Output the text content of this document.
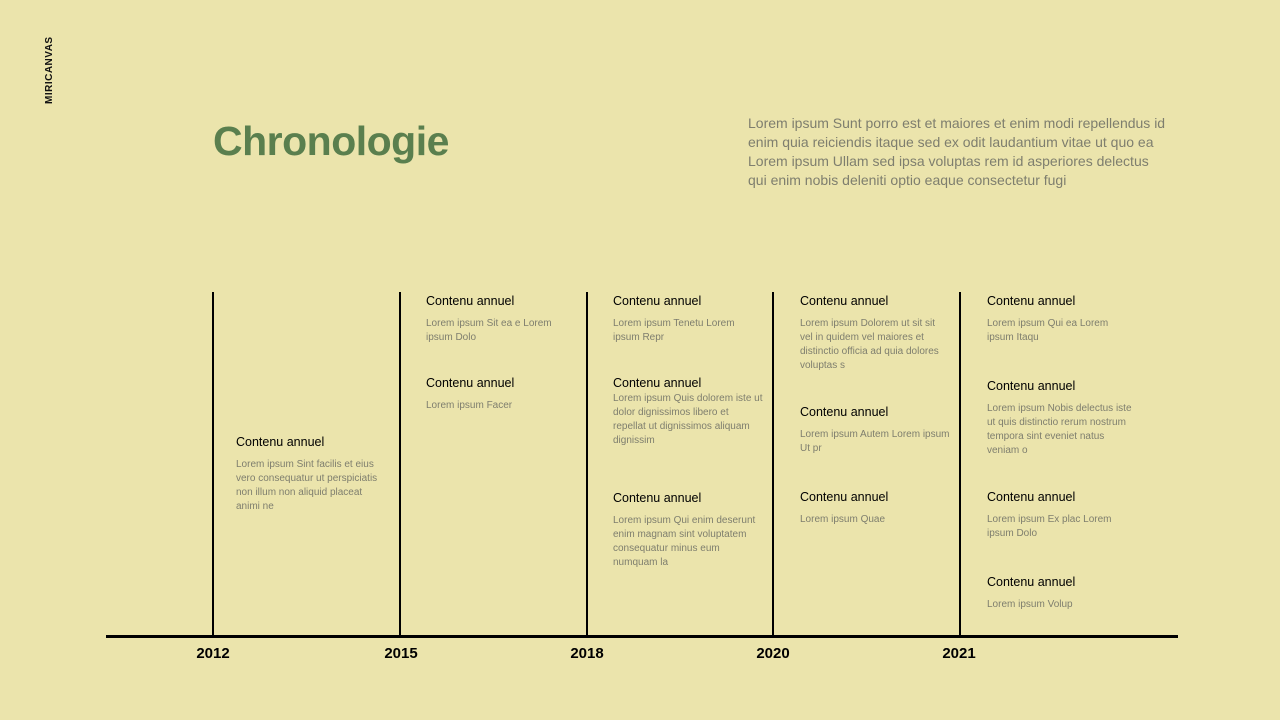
MIRICANVAS
Chronologie	Lorem ipsum Sunt porro est et maiores et enim modi repellendus id enim quia reiciendis itaque sed ex odit laudantium vitae ut quo ea Lorem ipsum Ullam sed ipsa voluptas rem id asperiores delectus qui enim nobis deleniti optio eaque consectetur fugi

2012
Contenu annuel
Lorem ipsum Sint facilis et eius vero consequatur ut perspiciatis non illum non aliquid placeat animi ne
2015
Contenu annuel
Lorem ipsum Sit ea e Lorem ipsum Dolo
Contenu annuel
Lorem ipsum Facer
2018
Contenu annuel
Lorem ipsum Tenetu Lorem ipsum Repr
Contenu annuel
Lorem ipsum Quis dolorem iste ut dolor dignissimos libero et repellat ut dignissimos aliquam dignissim
Contenu annuel
Lorem ipsum Qui enim deserunt enim magnam sint voluptatem consequatur minus eum numquam la
2020
Contenu annuel
Lorem ipsum Dolorem ut sit sit vel in quidem vel maiores et distinctio officia ad quia dolores voluptas s
Contenu annuel
Lorem ipsum Autem Lorem ipsum Ut pr
Contenu annuel
Lorem ipsum Quae
2021
Contenu annuel
Lorem ipsum Qui ea Lorem ipsum Itaqu
Contenu annuel
Lorem ipsum Nobis delectus iste ut quis distinctio rerum nostrum tempora sint eveniet natus veniam o
Contenu annuel
Lorem ipsum Ex plac Lorem ipsum Dolo
Contenu annuel
Lorem ipsum Volup
